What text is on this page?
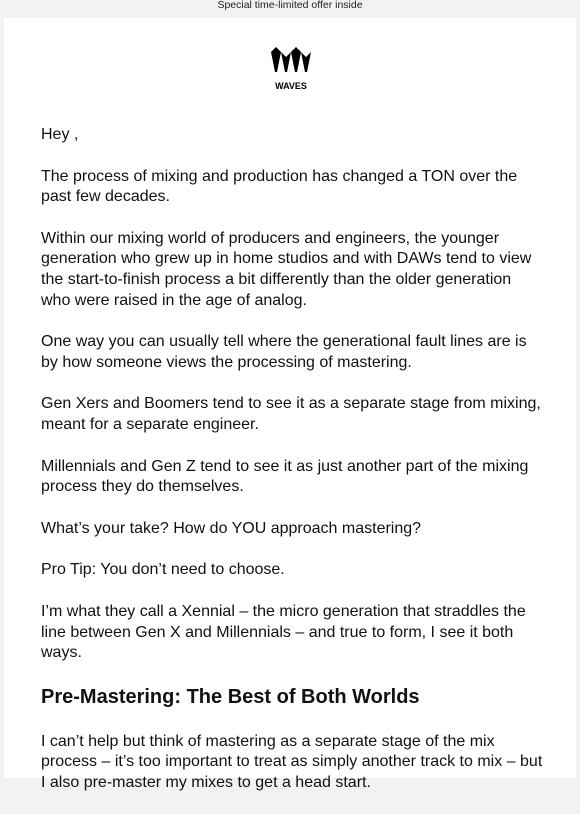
Special time-limited offer inside
WAVES

Hey ,

The process of mixing and production has changed a TON over the past few decades.

Within our mixing world of producers and engineers, the younger generation who grew up in home studios and with DAWs tend to view the start-to-finish process a bit differently than the older generation who were raised in the age of analog.

One way you can usually tell where the generational fault lines are is by how someone views the processing of mastering.

Gen Xers and Boomers tend to see it as a separate stage from mixing, meant for a separate engineer.

Millennials and Gen Z tend to see it as just another part of the mixing process they do themselves.

What’s your take? How do YOU approach mastering?

Pro Tip: You don’t need to choose.

I’m what they call a Xennial – the micro generation that straddles the line between Gen X and Millennials – and true to form, I see it both ways.

Pre-Mastering: The Best of Both Worlds

I can’t help but think of mastering as a separate stage of the mix process – it’s too important to treat as simply another track to mix – but I also pre-master my mixes to get a head start.
